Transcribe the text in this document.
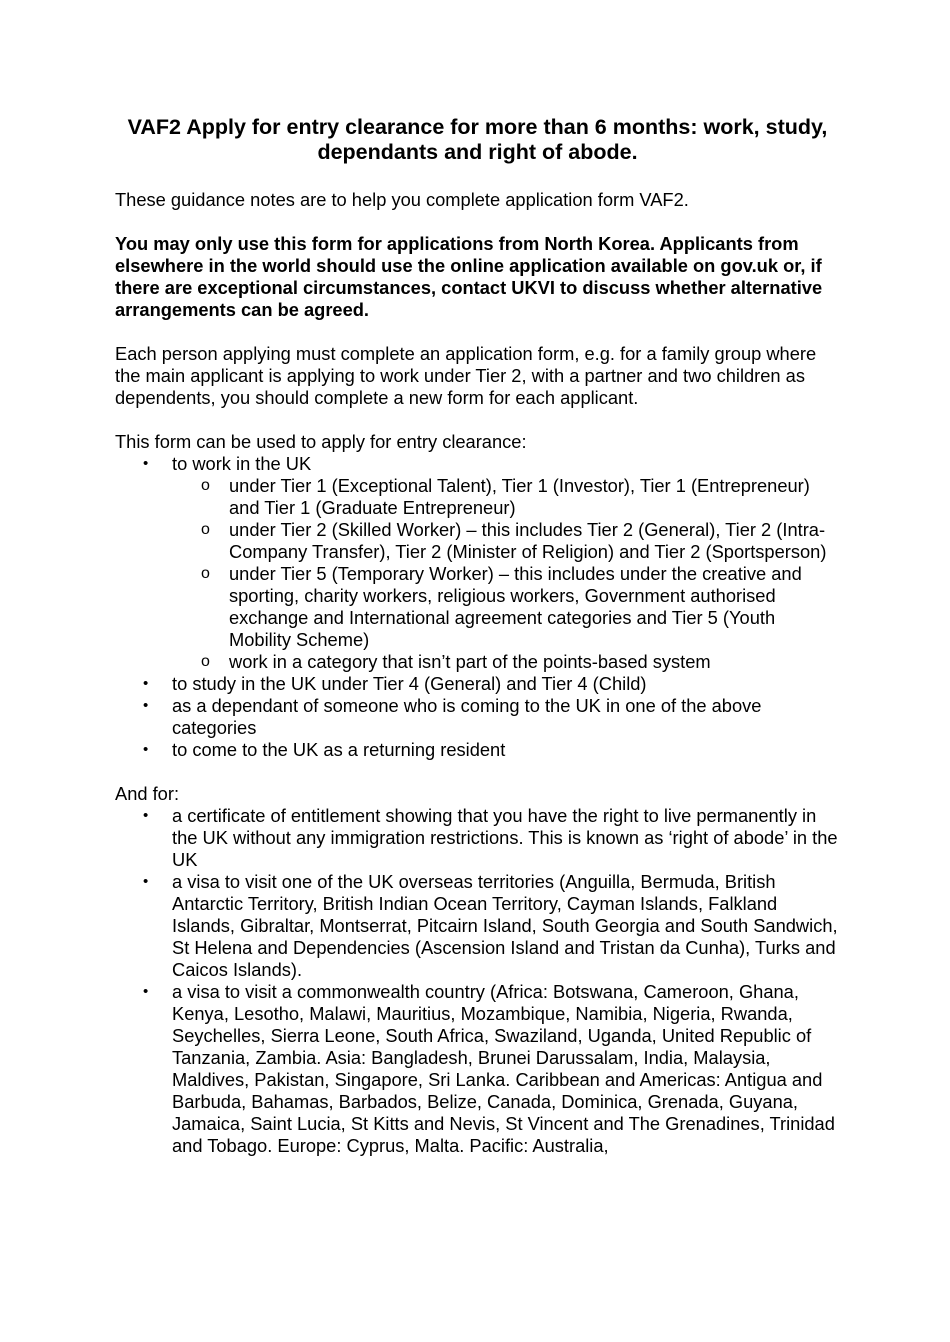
VAF2 Apply for entry clearance for more than 6 months: work, study, dependants and right of abode.

These guidance notes are to help you complete application form VAF2.

You may only use this form for applications from North Korea. Applicants from elsewhere in the world should use the online application available on gov.uk or, if there are exceptional circumstances, contact UKVI to discuss whether alternative arrangements can be agreed.

Each person applying must complete an application form, e.g. for a family group where the main applicant is applying to work under Tier 2, with a partner and two children as dependents, you should complete a new form for each applicant.

This form can be used to apply for entry clearance:

• to work in the UK
o under Tier 1 (Exceptional Talent), Tier 1 (Investor), Tier 1 (Entrepreneur) and Tier 1 (Graduate Entrepreneur)
o under Tier 2 (Skilled Worker) – this includes Tier 2 (General), Tier 2 (Intra-Company Transfer), Tier 2 (Minister of Religion) and Tier 2 (Sportsperson)
o under Tier 5 (Temporary Worker) – this includes under the creative and sporting, charity workers, religious workers, Government authorised exchange and International agreement categories and Tier 5 (Youth Mobility Scheme)
o work in a category that isn’t part of the points-based system
• to study in the UK under Tier 4 (General) and Tier 4 (Child)
• as a dependant of someone who is coming to the UK in one of the above categories
• to come to the UK as a returning resident

And for:

• a certificate of entitlement showing that you have the right to live permanently in the UK without any immigration restrictions. This is known as ‘right of abode’ in the UK
• a visa to visit one of the UK overseas territories (Anguilla, Bermuda, British Antarctic Territory, British Indian Ocean Territory, Cayman Islands, Falkland Islands, Gibraltar, Montserrat, Pitcairn Island, South Georgia and South Sandwich, St Helena and Dependencies (Ascension Island and Tristan da Cunha), Turks and Caicos Islands).
• a visa to visit a commonwealth country (Africa: Botswana, Cameroon, Ghana, Kenya, Lesotho, Malawi, Mauritius, Mozambique, Namibia, Nigeria, Rwanda, Seychelles, Sierra Leone, South Africa, Swaziland, Uganda, United Republic of Tanzania, Zambia. Asia: Bangladesh, Brunei Darussalam, India, Malaysia, Maldives, Pakistan, Singapore, Sri Lanka. Caribbean and Americas: Antigua and Barbuda, Bahamas, Barbados, Belize, Canada, Dominica, Grenada, Guyana, Jamaica, Saint Lucia, St Kitts and Nevis, St Vincent and The Grenadines, Trinidad and Tobago. Europe: Cyprus, Malta. Pacific: Australia,
